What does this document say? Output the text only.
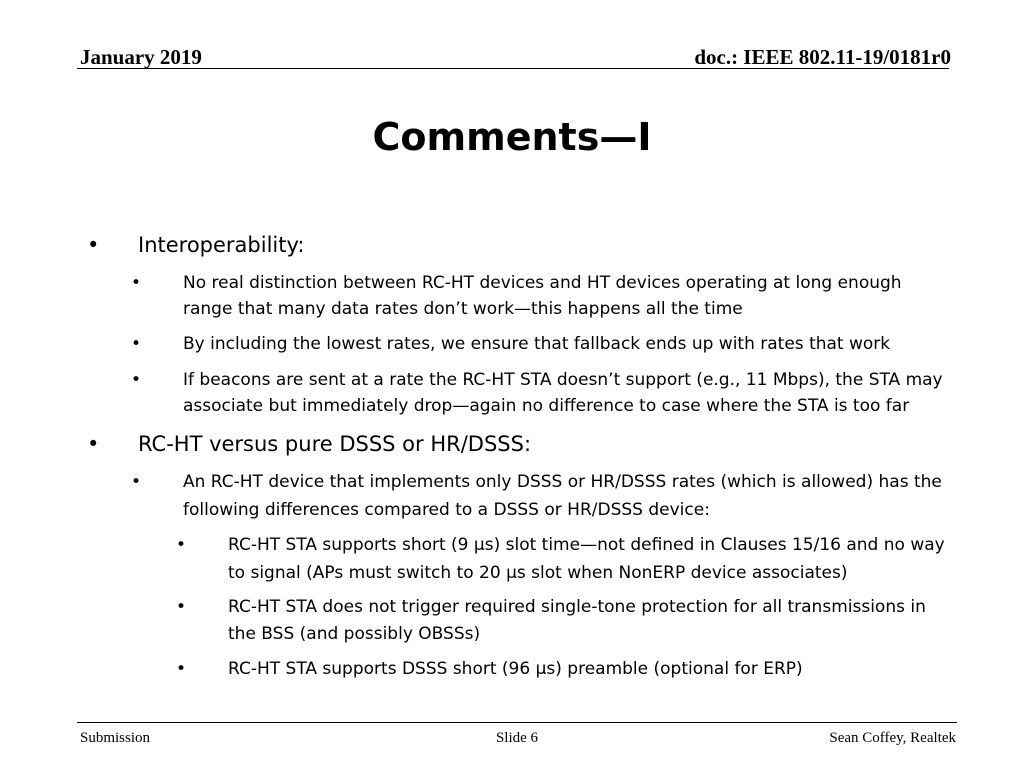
January 2019	doc.: IEEE 802.11-19/0181r0
Comments—I
• Interoperability:
• No real distinction between RC-HT devices and HT devices operating at long enough
range that many data rates don’t work—this happens all the time
• By including the lowest rates, we ensure that fallback ends up with rates that work
• If beacons are sent at a rate the RC-HT STA doesn’t support (e.g., 11 Mbps), the STA may
associate but immediately drop—again no difference to case where the STA is too far
• RC-HT versus pure DSSS or HR/DSSS:
• An RC-HT device that implements only DSSS or HR/DSSS rates (which is allowed) has the
following differences compared to a DSSS or HR/DSSS device:
• RC-HT STA supports short (9 μs) slot time—not defined in Clauses 15/16 and no way
to signal (APs must switch to 20 μs slot when NonERP device associates)
• RC-HT STA does not trigger required single-tone protection for all transmissions in
the BSS (and possibly OBSSs)
• RC-HT STA supports DSSS short (96 μs) preamble (optional for ERP)
Submission	Slide 6	Sean Coffey, Realtek
